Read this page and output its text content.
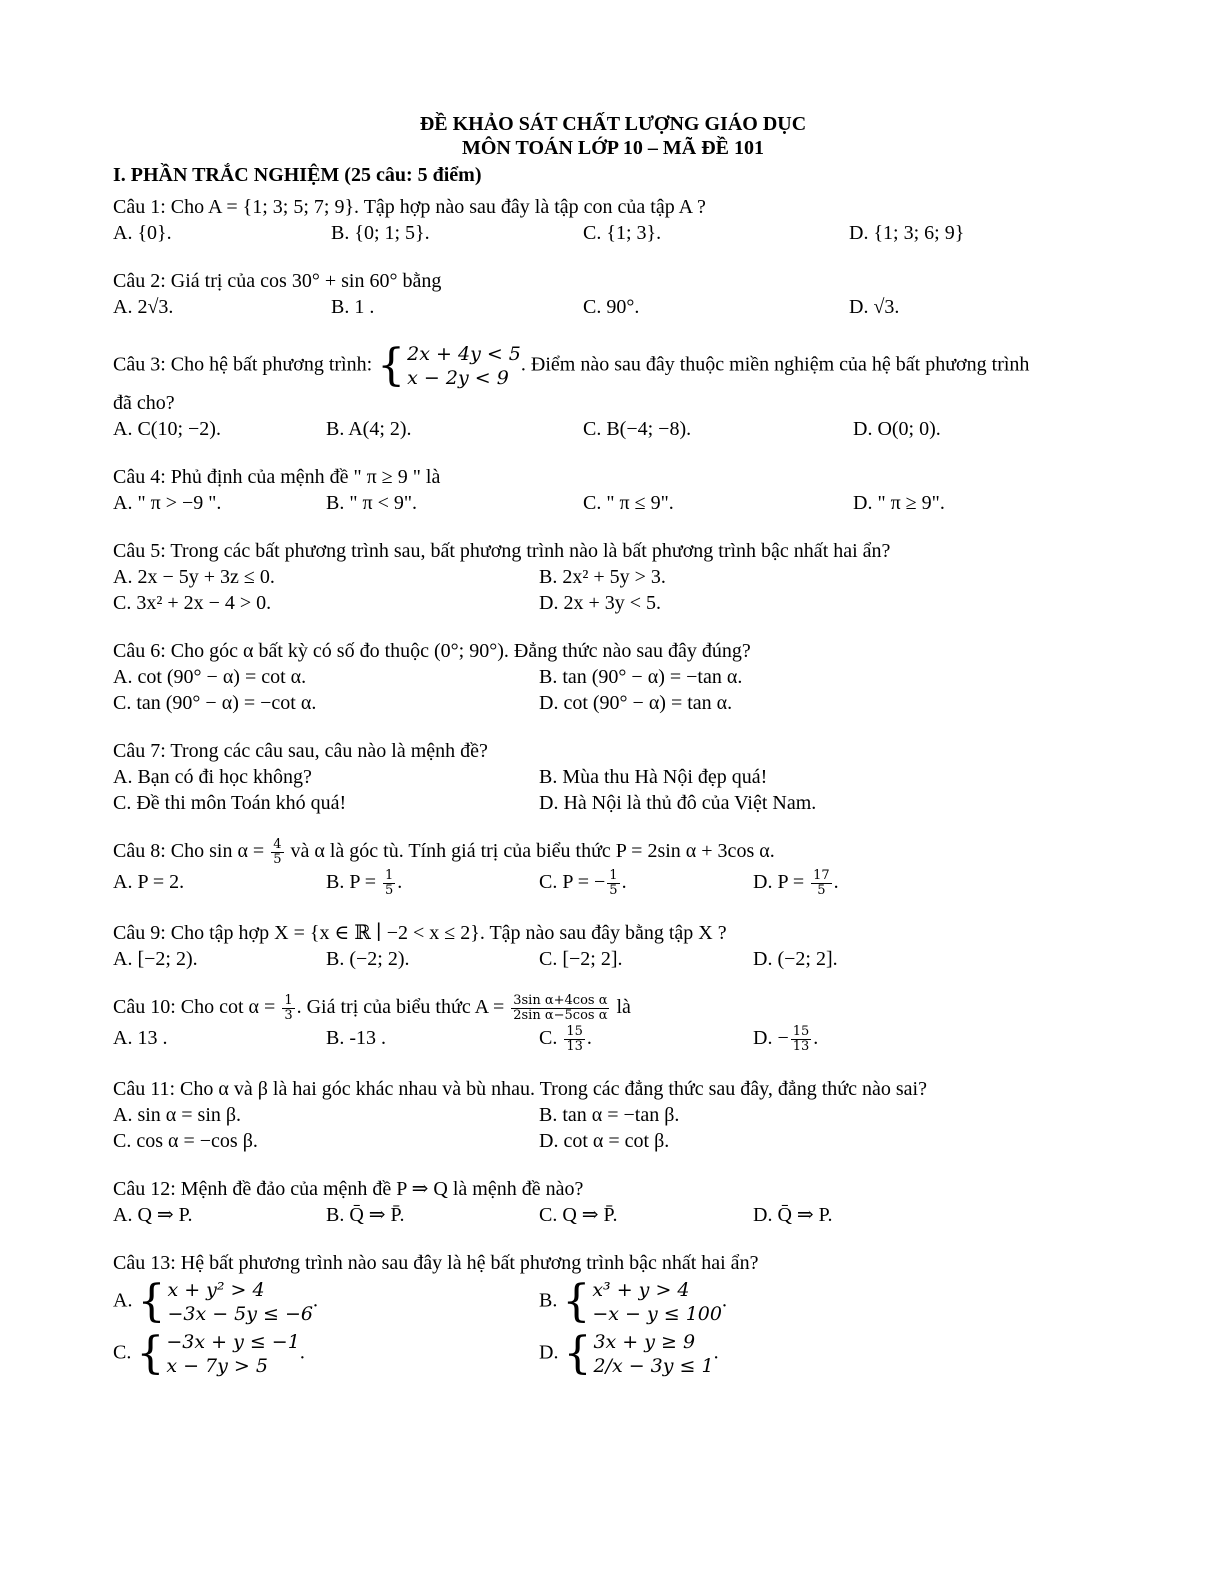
ĐỀ KHẢO SÁT CHẤT LƯỢNG GIÁO DỤC
MÔN TOÁN LỚP 10 – MÃ ĐỀ 101
I. PHẦN TRẮC NGHIỆM (25 câu: 5 điểm)
Câu 1: Cho A = {1; 3; 5; 7; 9}. Tập hợp nào sau đây là tập con của tập A ?
A. {0}.	B. {0; 1; 5}.	C. {1; 3}.	D. {1; 3; 6; 9}
Câu 2: Giá trị của cos 30° + sin 60° bằng
A. 2√3.	B. 1 .	C. 90°.	D. √3.
Câu 3: Cho hệ bất phương trình: { 2x + 4y < 5
x − 2y < 9
. Điểm nào sau đây thuộc miền nghiệm của hệ bất phương trình
đã cho?
A. C(10; −2).	B. A(4; 2).	C. B(−4; −8).	D. O(0; 0).
Câu 4: Phủ định của mệnh đề " π ≥ 9 " là
A. " π > −9 ".	B. " π < 9".	C. " π ≤ 9".	D. " π ≥ 9".
Câu 5: Trong các bất phương trình sau, bất phương trình nào là bất phương trình bậc nhất hai ẩn?
A. 2x − 5y + 3z ≤ 0.	B. 2x² + 5y > 3.
C. 3x² + 2x − 4 > 0.	D. 2x + 3y < 5.
Câu 6: Cho góc α bất kỳ có số đo thuộc (0°; 90°). Đẳng thức nào sau đây đúng?
A. cot (90° − α) = cot α.	B. tan (90° − α) = −tan α.
C. tan (90° − α) = −cot α.	D. cot (90° − α) = tan α.
Câu 7: Trong các câu sau, câu nào là mệnh đề?
A. Bạn có đi học không?	B. Mùa thu Hà Nội đẹp quá!
C. Đề thi môn Toán khó quá!	D. Hà Nội là thủ đô của Việt Nam.
Câu 8: Cho $\sin \alpha = \frac{4}{5}$ và α là góc tù. Tính giá trị của biểu thức P = 2sin α + 3cos α.
A. P = 2.	B. $P = \frac{1}{5}$ .	C. P = − $\frac{1}{5}$ .	D. $P = \frac{17}{5}$ .
Câu 9: Cho tập hợp X = {x ∈ ℝ ∣ −2 < x ≤ 2}. Tập nào sau đây bằng tập X ?
A. [−2; 2).	B. (−2; 2).	C. [−2; 2].	D. (−2; 2].
Câu 10: Cho $\cot \alpha = \frac{1}{3}$ . Giá trị của biểu thức $A = \frac{\text{3sin α+4cos α}}{\text{2sin α−5cos α}}$ là
A. 13 .	B. -13 .	C. $\frac{15}{13}$ .	D. − $\frac{15}{13}$ .
Câu 11: Cho α và β là hai góc khác nhau và bù nhau. Trong các đẳng thức sau đây, đẳng thức nào sai?
A. sin α = sin β.	B. tan α = −tan β.
C. cos α = −cos β.	D. cot α = cot β.
Câu 12: Mệnh đề đảo của mệnh đề P ⇒ Q là mệnh đề nào?
A. Q ⇒ P.	B. Q̄ ⇒ P̄.	C. Q ⇒ P̄.	D. Q̄ ⇒ P.
Câu 13: Hệ bất phương trình nào sau đây là hệ bất phương trình bậc nhất hai ẩn?
A. { x + y² > 4
−3x − 5y ≤ −6
.	B. { x³ + y > 4
−x − y ≤ 100
.
C. { −3x + y ≤ −1
x − 7y > 5
.	D. { 3x + y ≥ 9
2/x − 3y ≤ 1
.
